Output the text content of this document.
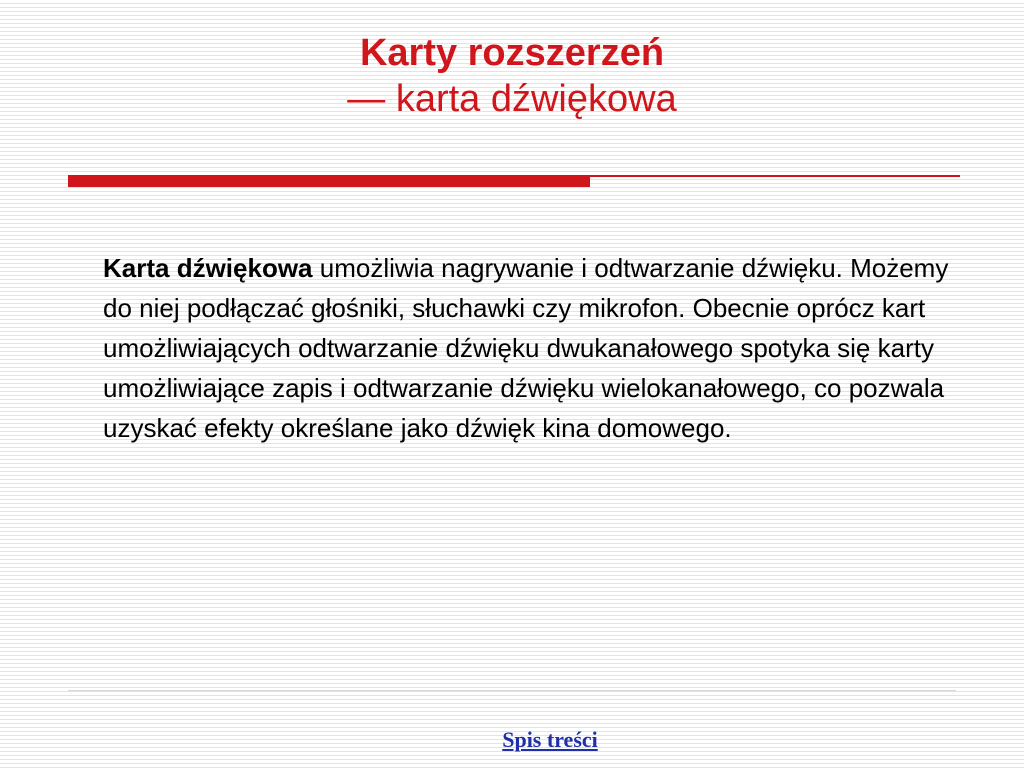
Karty rozszerzeń
— karta dźwiękowa
Karta dźwiękowa umożliwia nagrywanie i odtwarzanie dźwięku. Możemy do niej podłączać głośniki, słuchawki czy mikrofon. Obecnie oprócz kart umożliwiających odtwarzanie dźwięku dwukanałowego spotyka się karty umożliwiające zapis i odtwarzanie dźwięku wielokanałowego, co pozwala uzyskać efekty określane jako dźwięk kina domowego.
Spis treści
